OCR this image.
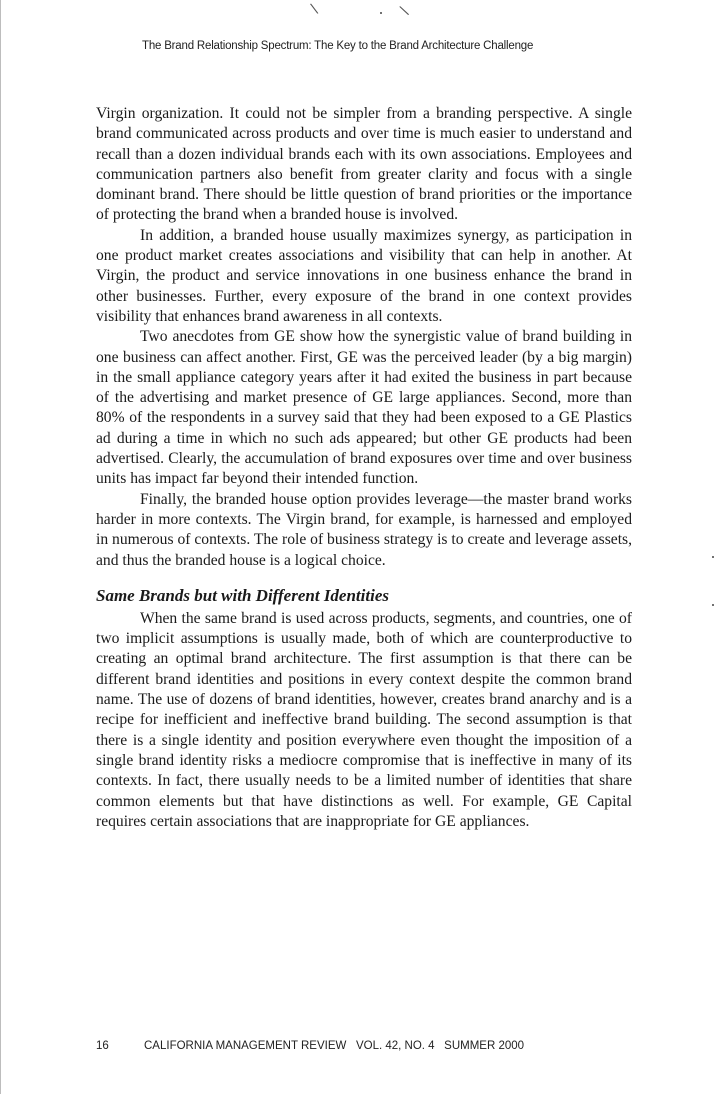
\	\
The Brand Relationship Spectrum: The Key to the Brand Architecture Challenge

Virgin organization. It could not be simpler from a branding perspective. A single brand communicated across products and over time is much easier to understand and recall than a dozen individual brands each with its own associations. Employees and communication partners also benefit from greater clarity and focus with a single dominant brand. There should be little question of brand priorities or the importance of protecting the brand when a branded house is involved.

In addition, a branded house usually maximizes synergy, as participation in one product market creates associations and visibility that can help in another. At Virgin, the product and service innovations in one business enhance the brand in other businesses. Further, every exposure of the brand in one context provides visibility that enhances brand awareness in all contexts.

Two anecdotes from GE show how the synergistic value of brand building in one business can affect another. First, GE was the perceived leader (by a big margin) in the small appliance category years after it had exited the business in part because of the advertising and market presence of GE large appliances. Second, more than 80% of the respondents in a survey said that they had been exposed to a GE Plastics ad during a time in which no such ads appeared; but other GE products had been advertised. Clearly, the accumulation of brand exposures over time and over business units has impact far beyond their intended function.

Finally, the branded house option provides leverage—the master brand works harder in more contexts. The Virgin brand, for example, is harnessed and employed in numerous of contexts. The role of business strategy is to create and leverage assets, and thus the branded house is a logical choice.

Same Brands but with Different Identities

When the same brand is used across products, segments, and countries, one of two implicit assumptions is usually made, both of which are counterproductive to creating an optimal brand architecture. The first assumption is that there can be different brand identities and positions in every context despite the common brand name. The use of dozens of brand identities, however, creates brand anarchy and is a recipe for inefficient and ineffective brand building. The second assumption is that there is a single identity and position everywhere even thought the imposition of a single brand identity risks a mediocre compromise that is ineffective in many of its contexts. In fact, there usually needs to be a limited number of identities that share common elements but that have distinctions as well. For example, GE Capital requires certain associations that are inappropriate for GE appliances.

16	CALIFORNIA MANAGEMENT REVIEW VOL. 42, NO. 4 SUMMER 2000
